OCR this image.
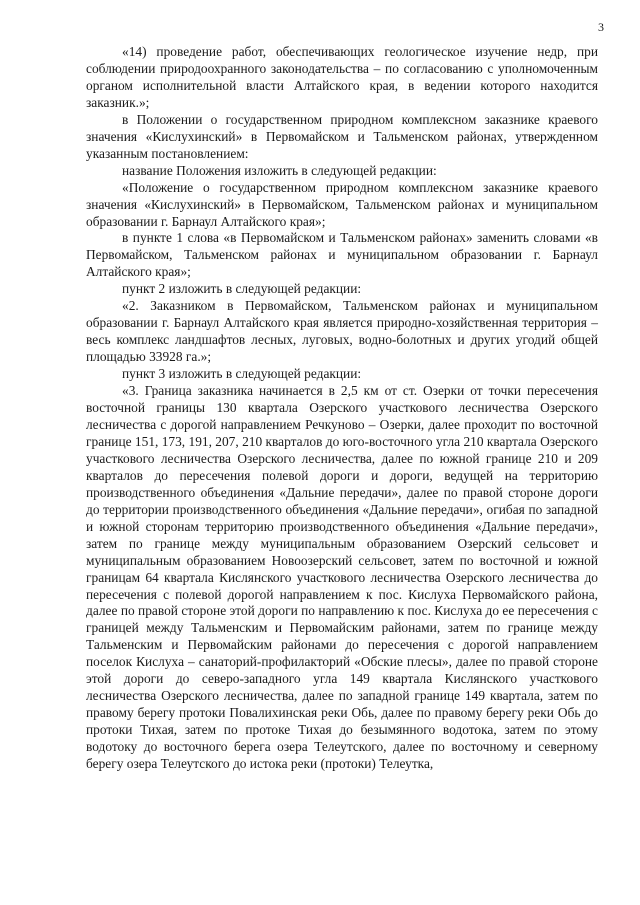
3

«14) проведение работ, обеспечивающих геологическое изучение недр, при соблюдении природоохранного законодательства – по согласованию с уполномоченным органом исполнительной власти Алтайского края, в ведении которого находится заказник.»;

в Положении о государственном природном комплексном заказнике краевого значения «Кислухинский» в Первомайском и Тальменском районах, утвержденном указанным постановлением:

название Положения изложить в следующей редакции:

«Положение о государственном природном комплексном заказнике краевого значения «Кислухинский» в Первомайском, Тальменском районах и муниципальном образовании г. Барнаул Алтайского края»;

в пункте 1 слова «в Первомайском и Тальменском районах» заменить словами «в Первомайском, Тальменском районах и муниципальном образовании г. Барнаул Алтайского края»;

пункт 2 изложить в следующей редакции:

«2. Заказником в Первомайском, Тальменском районах и муниципальном образовании г. Барнаул Алтайского края является природно-хозяйственная территория – весь комплекс ландшафтов лесных, луговых, водно-болотных и других угодий общей площадью 33928 га.»;

пункт 3 изложить в следующей редакции:

«3. Граница заказника начинается в 2,5 км от ст. Озерки от точки пересечения восточной границы 130 квартала Озерского участкового лесничества Озерского лесничества с дорогой направлением Речкуново – Озерки, далее проходит по восточной границе 151, 173, 191, 207, 210 кварталов до юго-восточного угла 210 квартала Озерского участкового лесничества Озерского лесничества, далее по южной границе 210 и 209 кварталов до пересечения полевой дороги и дороги, ведущей на территорию производственного объединения «Дальние передачи», далее по правой стороне дороги до территории производственного объединения «Дальние передачи», огибая по западной и южной сторонам территорию производственного объединения «Дальние передачи», затем по границе между муниципальным образованием Озерский сельсовет и муниципальным образованием Новоозерский сельсовет, затем по восточной и южной границам 64 квартала Кислянского участкового лесничества Озерского лесничества до пересечения с полевой дорогой направлением к пос. Кислуха Первомайского района, далее по правой стороне этой дороги по направлению к пос. Кислуха до ее пересечения с границей между Тальменским и Первомайским районами, затем по границе между Тальменским и Первомайским районами до пересечения с дорогой направлением поселок Кислуха – санаторий-профилакторий «Обские плесы», далее по правой стороне этой дороги до северо-западного угла 149 квартала Кислянского участкового лесничества Озерского лесничества, далее по западной границе 149 квартала, затем по правому берегу протоки Повалихинская реки Обь, далее по правому берегу реки Обь до протоки Тихая, затем по протоке Тихая до безымянного водотока, затем по этому водотоку до восточного берега озера Телеутского, далее по восточному и северному берегу озера Телеутского до истока реки (протоки) Телеутка,
